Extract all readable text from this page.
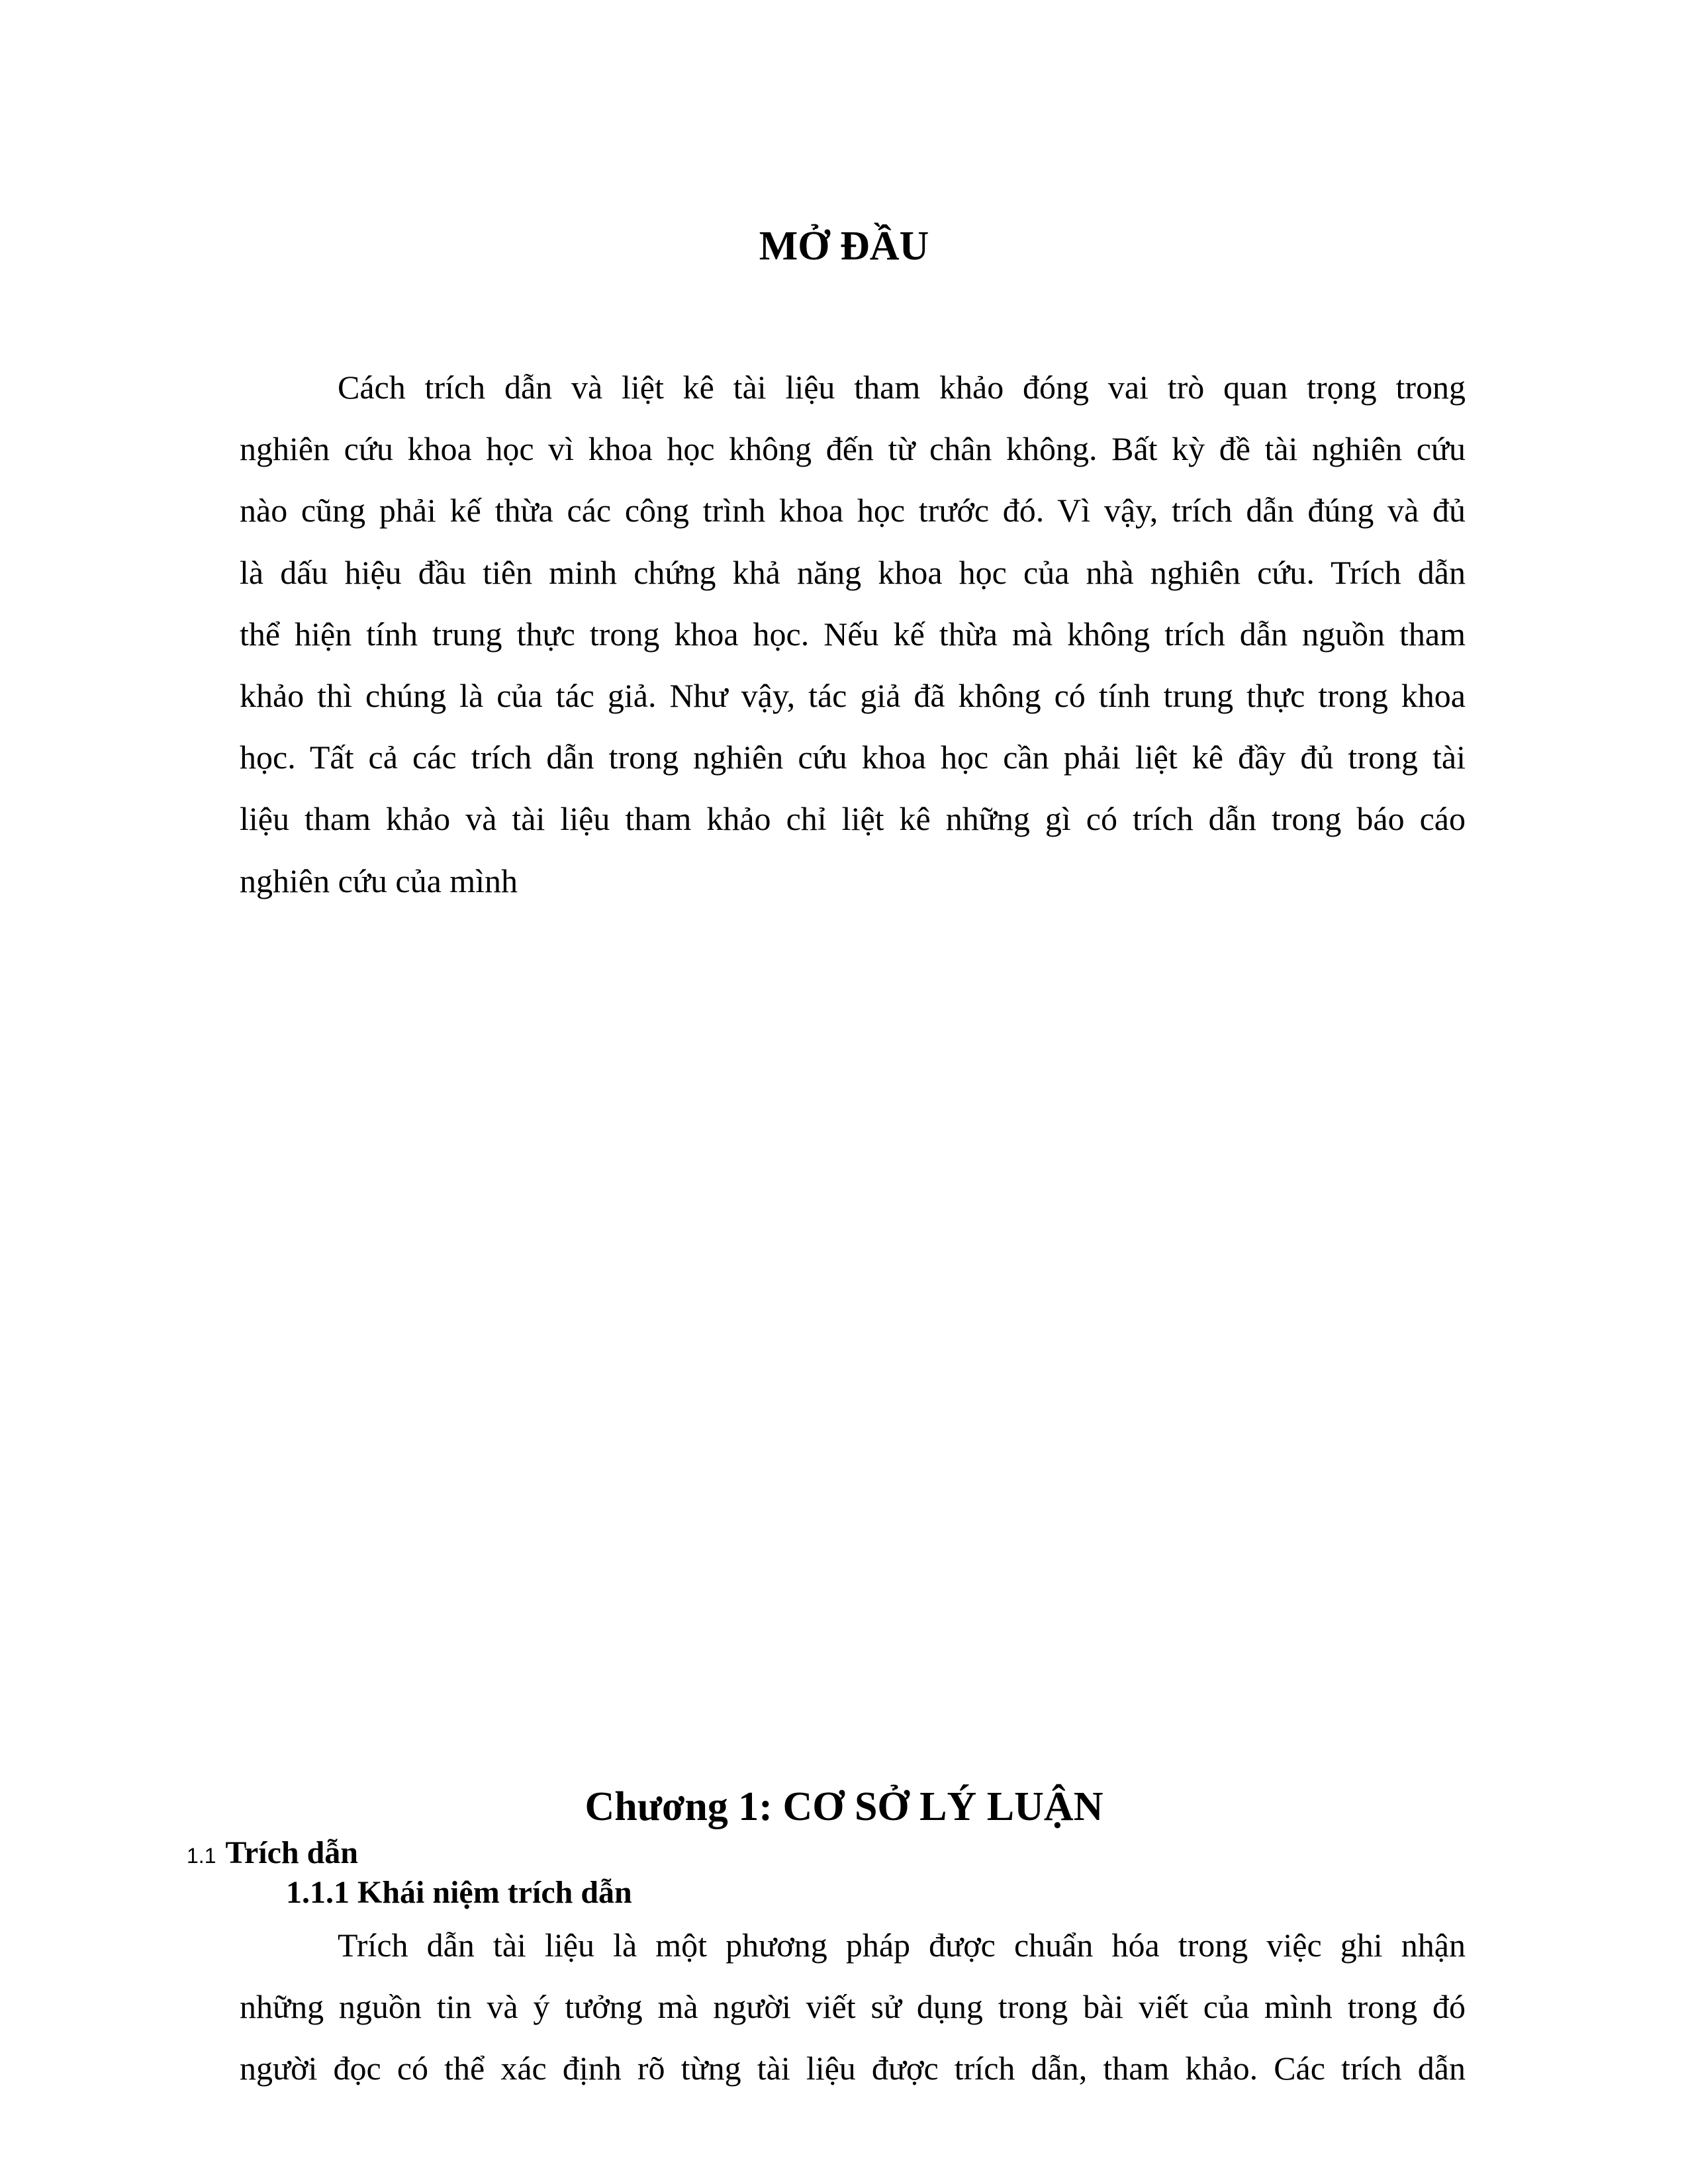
MỞ ĐẦU
Cách trích dẫn và liệt kê tài liệu tham khảo đóng vai trò quan trọng trong
nghiên cứu khoa học vì khoa học không đến từ chân không. Bất kỳ đề tài nghiên cứu
nào cũng phải kế thừa các công trình khoa học trước đó. Vì vậy, trích dẫn đúng và đủ
là dấu hiệu đầu tiên minh chứng khả năng khoa học của nhà nghiên cứu. Trích dẫn
thể hiện tính trung thực trong khoa học. Nếu kế thừa mà không trích dẫn nguồn tham
khảo thì chúng là của tác giả. Như vậy, tác giả đã không có tính trung thực trong khoa
học. Tất cả các trích dẫn trong nghiên cứu khoa học cần phải liệt kê đầy đủ trong tài
liệu tham khảo và tài liệu tham khảo chỉ liệt kê những gì có trích dẫn trong báo cáo
nghiên cứu của mình
Chương 1: CƠ SỞ LÝ LUẬN
1.1 Trích dẫn
1.1.1 Khái niệm trích dẫn
Trích dẫn tài liệu là một phương pháp được chuẩn hóa trong việc ghi nhận
những nguồn tin và ý tưởng mà người viết sử dụng trong bài viết của mình trong đó
người đọc có thể xác định rõ từng tài liệu được trích dẫn, tham khảo. Các trích dẫn
